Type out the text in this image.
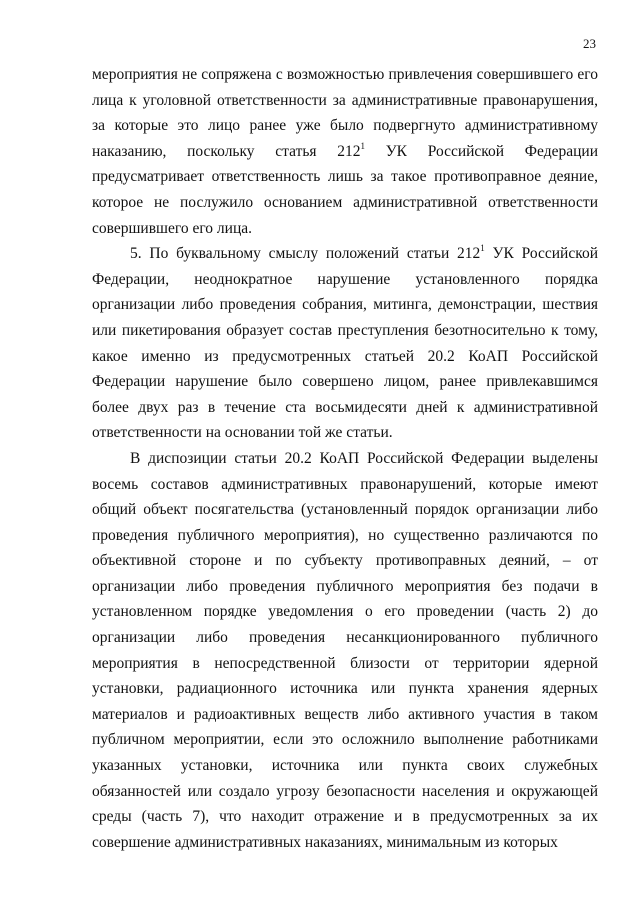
23

мероприятия не сопряжена с возможностью привлечения совершившего его лица к уголовной ответственности за административные правонарушения, за которые это лицо ранее уже было подвергнуто административному наказанию, поскольку статья $212^1$ УК Российской Федерации предусматривает ответственность лишь за такое противоправное деяние, которое не послужило основанием административной ответственности совершившего его лица.

5. По буквальному смыслу положений статьи $212^1$ УК Российской Федерации, неоднократное нарушение установленного порядка организации либо проведения собрания, митинга, демонстрации, шествия или пикетирования образует состав преступления безотносительно к тому, какое именно из предусмотренных статьей 20.2 КоАП Российской Федерации нарушение было совершено лицом, ранее привлекавшимся более двух раз в течение ста восьмидесяти дней к административной ответственности на основании той же статьи.

В диспозиции статьи 20.2 КоАП Российской Федерации выделены восемь составов административных правонарушений, которые имеют общий объект посягательства (установленный порядок организации либо проведения публичного мероприятия), но существенно различаются по объективной стороне и по субъекту противоправных деяний, – от организации либо проведения публичного мероприятия без подачи в установленном порядке уведомления о его проведении (часть 2) до организации либо проведения несанкционированного публичного мероприятия в непосредственной близости от территории ядерной установки, радиационного источника или пункта хранения ядерных материалов и радиоактивных веществ либо активного участия в таком публичном мероприятии, если это осложнило выполнение работниками указанных установки, источника или пункта своих служебных обязанностей или создало угрозу безопасности населения и окружающей среды (часть 7), что находит отражение и в предусмотренных за их совершение административных наказаниях, минимальным из которых
